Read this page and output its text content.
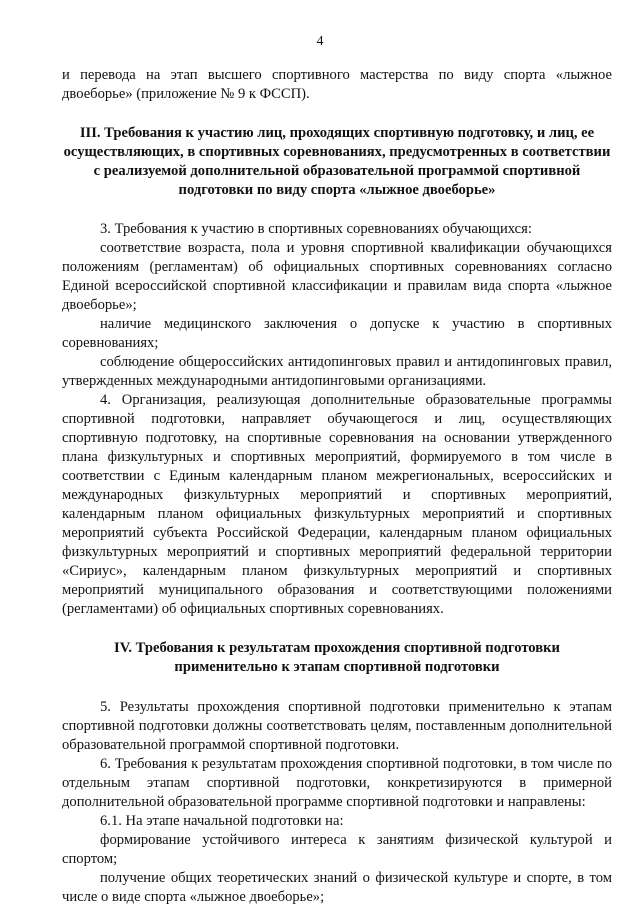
4

и перевода на этап высшего спортивного мастерства по виду спорта «лыжное двоеборье» (приложение № 9 к ФССП).

III. Требования к участию лиц, проходящих спортивную подготовку, и лиц, ее осуществляющих, в спортивных соревнованиях, предусмотренных в соответствии с реализуемой дополнительной образовательной программой спортивной подготовки по виду спорта «лыжное двоеборье»

3. Требования к участию в спортивных соревнованиях обучающихся:

соответствие возраста, пола и уровня спортивной квалификации обучающихся положениям (регламентам) об официальных спортивных соревнованиях согласно Единой всероссийской спортивной классификации и правилам вида спорта «лыжное двоеборье»;

наличие медицинского заключения о допуске к участию в спортивных соревнованиях;

соблюдение общероссийских антидопинговых правил и антидопинговых правил, утвержденных международными антидопинговыми организациями.

4. Организация, реализующая дополнительные образовательные программы спортивной подготовки, направляет обучающегося и лиц, осуществляющих спортивную подготовку, на спортивные соревнования на основании утвержденного плана физкультурных и спортивных мероприятий, формируемого в том числе в соответствии с Единым календарным планом межрегиональных, всероссийских и международных физкультурных мероприятий и спортивных мероприятий, календарным планом официальных физкультурных мероприятий и спортивных мероприятий субъекта Российской Федерации, календарным планом официальных физкультурных мероприятий и спортивных мероприятий федеральной территории «Сириус», календарным планом физкультурных мероприятий и спортивных мероприятий муниципального образования и соответствующими положениями (регламентами) об официальных спортивных соревнованиях.

IV. Требования к результатам прохождения спортивной подготовки применительно к этапам спортивной подготовки

5. Результаты прохождения спортивной подготовки применительно к этапам спортивной подготовки должны соответствовать целям, поставленным дополнительной образовательной программой спортивной подготовки.

6. Требования к результатам прохождения спортивной подготовки, в том числе по отдельным этапам спортивной подготовки, конкретизируются в примерной дополнительной образовательной программе спортивной подготовки и направлены:

6.1. На этапе начальной подготовки на:

формирование устойчивого интереса к занятиям физической культурой и спортом;

получение общих теоретических знаний о физической культуре и спорте, в том числе о виде спорта «лыжное двоеборье»;
